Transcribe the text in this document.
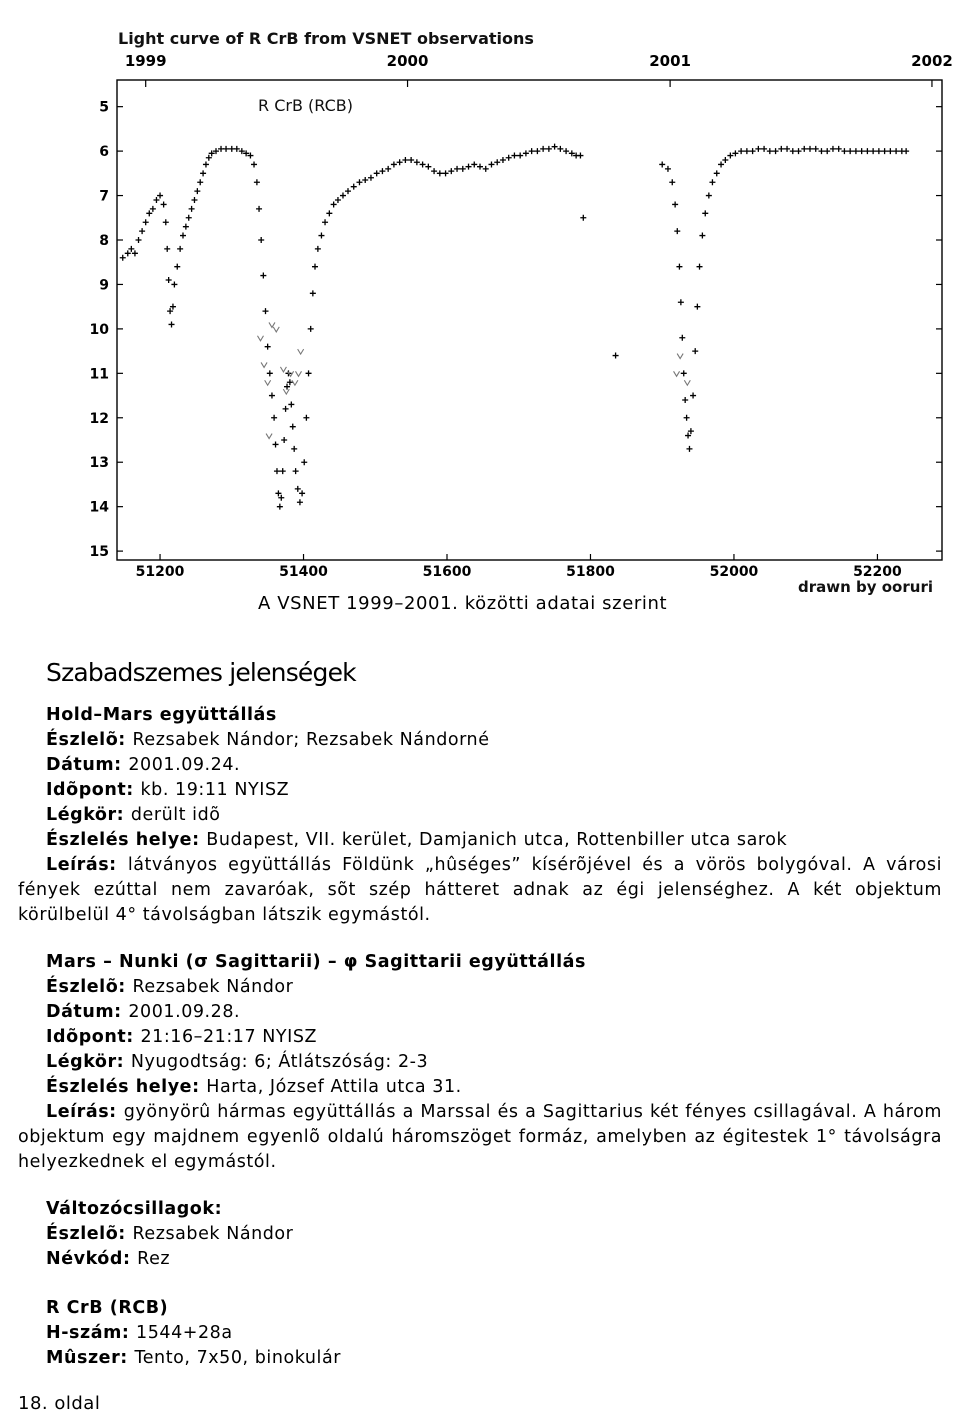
Light curve of R CrB from VSNET observations
1999	2000	2001	2002
51200	51400	51600	51800	52000	52200
5
6
7
8
9
10
11
12
13
14
15
R CrB (RCB)
drawn by ooruri
A VSNET 1999–2001. közötti adatai szerint
Szabadszemes jelenségek
Hold–Mars együttállás
Észlelõ: Rezsabek Nándor; Rezsabek Nándorné
Dátum: 2001.09.24.
Idõpont: kb. 19:11 NYISZ
Légkör: derült idõ
Észlelés helye: Budapest, VII. kerület, Damjanich utca, Rottenbiller utca sarok
Leírás: látványos együttállás Földünk „hûséges” kísérõjével és a vörös bolygóval. A városi fények ezúttal nem zavaróak, sõt szép hátteret adnak az égi jelenséghez. A két objektum körülbelül 4° távolságban látszik egymástól.
Mars – Nunki (σ Sagittarii) – φ Sagittarii együttállás
Észlelõ: Rezsabek Nándor
Dátum: 2001.09.28.
Idõpont: 21:16–21:17 NYISZ
Légkör: Nyugodtság: 6; Átlátszóság: 2-3
Észlelés helye: Harta, József Attila utca 31.
Leírás: gyönyörû hármas együttállás a Marssal és a Sagittarius két fényes csillagával. A három objektum egy majdnem egyenlõ oldalú háromszöget formáz, amelyben az égitestek 1° távolságra helyezkednek el egymástól.
Változócsillagok:
Észlelõ: Rezsabek Nándor
Névkód: Rez
R CrB (RCB)
H-szám: 1544+28a
Mûszer: Tento, 7x50, binokulár
18. oldal
